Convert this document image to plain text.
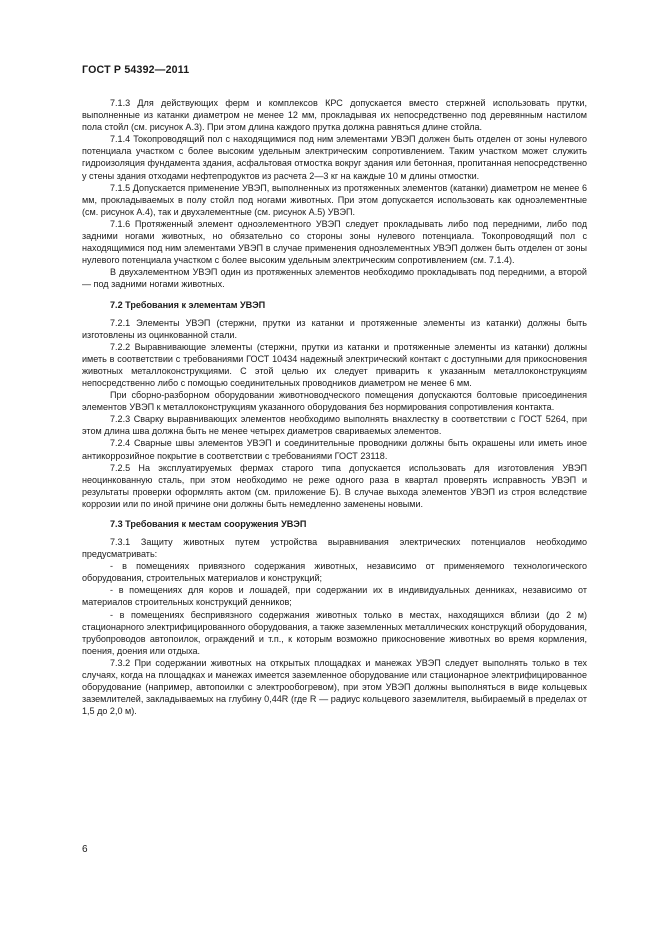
ГОСТ Р 54392—2011

7.1.3 Для действующих ферм и комплексов КРС допускается вместо стержней использовать прутки, выполненные из катанки диаметром не менее 12 мм, прокладывая их непосредственно под деревянным настилом пола стойл (см. рисунок А.3). При этом длина каждого прутка должна равняться длине стойла.

7.1.4 Токопроводящий пол с находящимися под ним элементами УВЭП должен быть отделен от зоны нулевого потенциала участком с более высоким удельным электрическим сопротивлением. Таким участком может служить гидроизоляция фундамента здания, асфальтовая отмостка вокруг здания или бетонная, пропитанная непосредственно у стены здания отходами нефтепродуктов из расчета 2—3 кг на каждые 10 м длины отмостки.

7.1.5 Допускается применение УВЭП, выполненных из протяженных элементов (катанки) диаметром не менее 6 мм, прокладываемых в полу стойл под ногами животных. При этом допускается использовать как одноэлементные (см. рисунок А.4), так и двухэлементные (см. рисунок А.5) УВЭП.

7.1.6 Протяженный элемент одноэлементного УВЭП следует прокладывать либо под передними, либо под задними ногами животных, но обязательно со стороны зоны нулевого потенциала. Токопроводящий пол с находящимися под ним элементами УВЭП в случае применения одноэлементных УВЭП должен быть отделен от зоны нулевого потенциала участком с более высоким удельным электрическим сопротивлением (см. 7.1.4).

В двухэлементном УВЭП один из протяженных элементов необходимо прокладывать под передними, а второй — под задними ногами животных.

7.2 Требования к элементам УВЭП

7.2.1 Элементы УВЭП (стержни, прутки из катанки и протяженные элементы из катанки) должны быть изготовлены из оцинкованной стали.

7.2.2 Выравнивающие элементы (стержни, прутки из катанки и протяженные элементы из катанки) должны иметь в соответствии с требованиями ГОСТ 10434 надежный электрический контакт с доступными для прикосновения животных металлоконструкциями. С этой целью их следует приварить к указанным металлоконструкциям непосредственно либо с помощью соединительных проводников диаметром не менее 6 мм.

При сборно-разборном оборудовании животноводческого помещения допускаются болтовые присоединения элементов УВЭП к металлоконструкциям указанного оборудования без нормирования сопротивления контакта.

7.2.3 Сварку выравнивающих элементов необходимо выполнять внахлестку в соответствии с ГОСТ 5264, при этом длина шва должна быть не менее четырех диаметров свариваемых элементов.

7.2.4 Сварные швы элементов УВЭП и соединительные проводники должны быть окрашены или иметь иное антикоррозийное покрытие в соответствии с требованиями ГОСТ 23118.

7.2.5 На эксплуатируемых фермах старого типа допускается использовать для изготовления УВЭП неоцинкованную сталь, при этом необходимо не реже одного раза в квартал проверять исправность УВЭП и результаты проверки оформлять актом (см. приложение Б). В случае выхода элементов УВЭП из строя вследствие коррозии или по иной причине они должны быть немедленно заменены новыми.

7.3 Требования к местам сооружения УВЭП

7.3.1 Защиту животных путем устройства выравнивания электрических потенциалов необходимо предусматривать:

- в помещениях привязного содержания животных, независимо от применяемого технологического оборудования, строительных материалов и конструкций;

- в помещениях для коров и лошадей, при содержании их в индивидуальных денниках, независимо от материалов строительных конструкций денников;

- в помещениях беспривязного содержания животных только в местах, находящихся вблизи (до 2 м) стационарного электрифицированного оборудования, а также заземленных металлических конструкций оборудования, трубопроводов автопоилок, ограждений и т.п., к которым возможно прикосновение животных во время кормления, поения, доения или отдыха.

7.3.2 При содержании животных на открытых площадках и манежах УВЭП следует выполнять только в тех случаях, когда на площадках и манежах имеется заземленное оборудование или стационарное электрифицированное оборудование (например, автопоилки с электрообогревом), при этом УВЭП должны выполняться в виде кольцевых заземлителей, закладываемых на глубину 0,44R (где R — радиус кольцевого заземлителя, выбираемый в пределах от 1,5 до 2,0 м).

6
